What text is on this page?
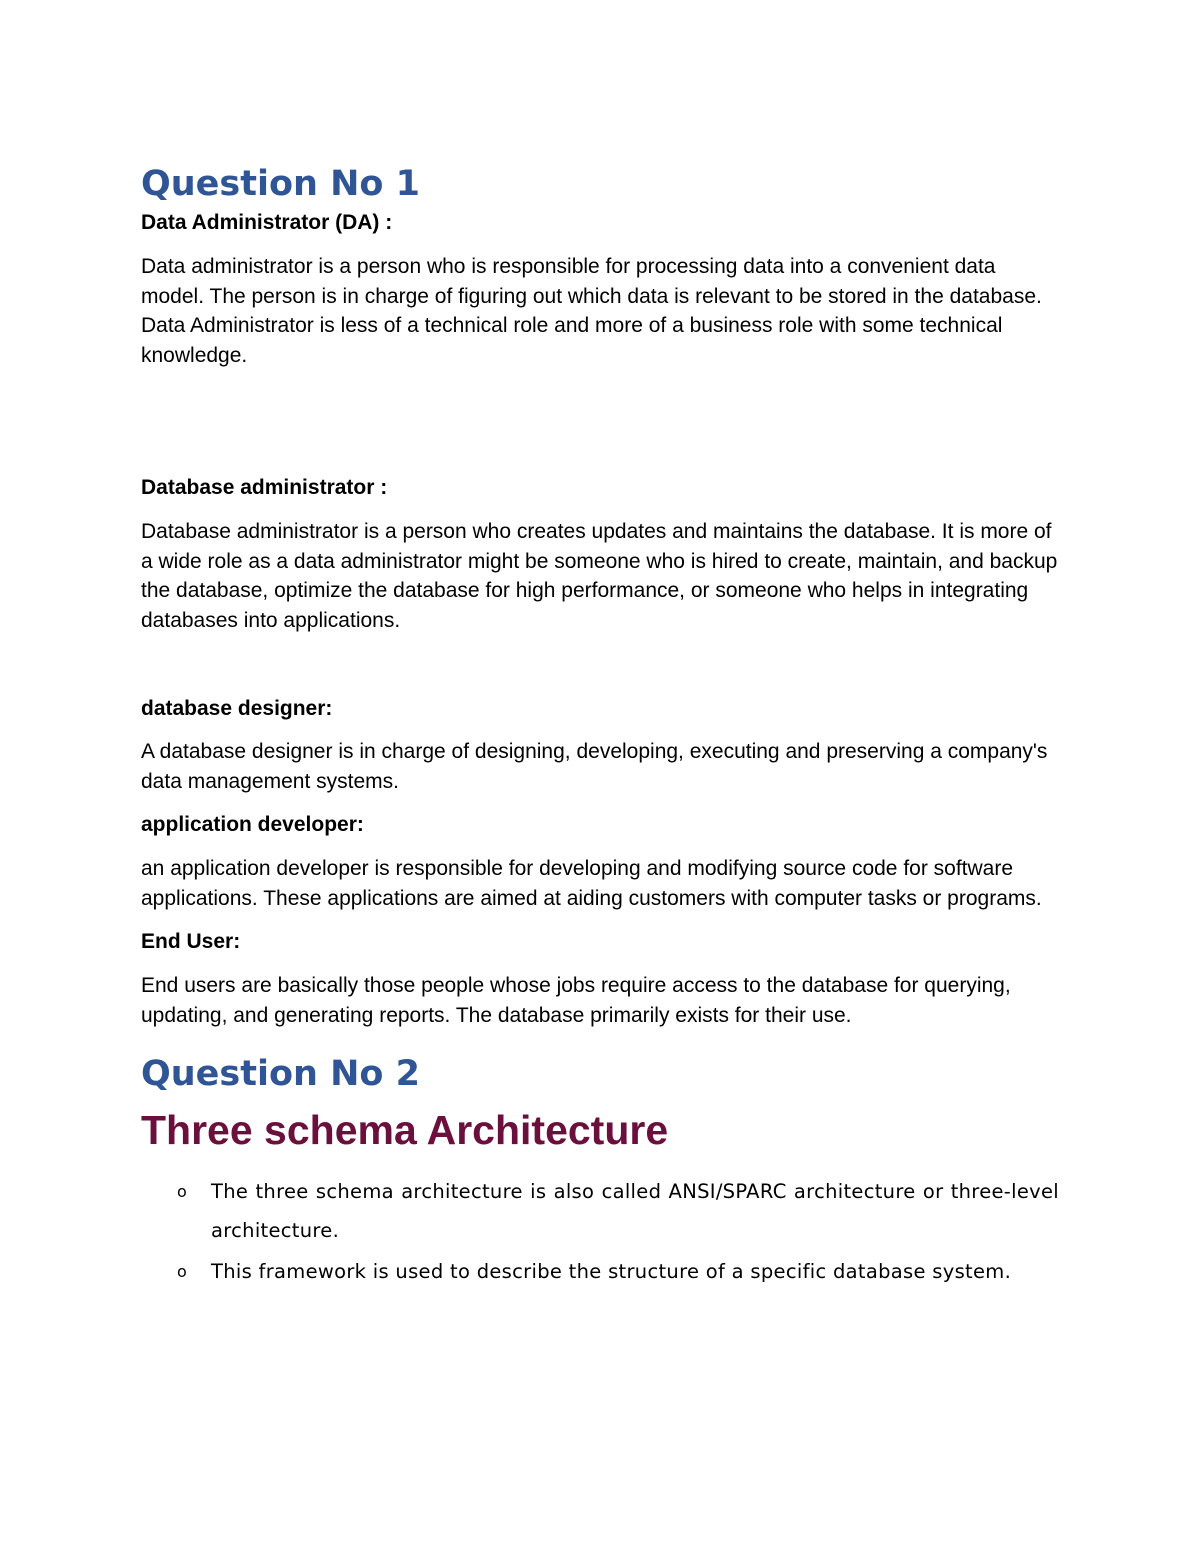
Question No 1

Data Administrator (DA) :

Data administrator is a person who is responsible for processing data into a convenient data model. The person is in charge of figuring out which data is relevant to be stored in the database. Data Administrator is less of a technical role and more of a business role with some technical knowledge.

Database administrator :

Database administrator is a person who creates updates and maintains the database. It is more of a wide role as a data administrator might be someone who is hired to create, maintain, and backup the database, optimize the database for high performance, or someone who helps in integrating databases into applications.

database designer:

A database designer is in charge of designing, developing, executing and preserving a company's data management systems.

application developer:

an application developer is responsible for developing and modifying source code for software applications. These applications are aimed at aiding customers with computer tasks or programs.

End User:

End users are basically those people whose jobs require access to the database for querying, updating, and generating reports. The database primarily exists for their use.

Question No 2
Three schema Architecture
o The three schema architecture is also called ANSI/SPARC architecture or three-level architecture.
o This framework is used to describe the structure of a specific database system.
